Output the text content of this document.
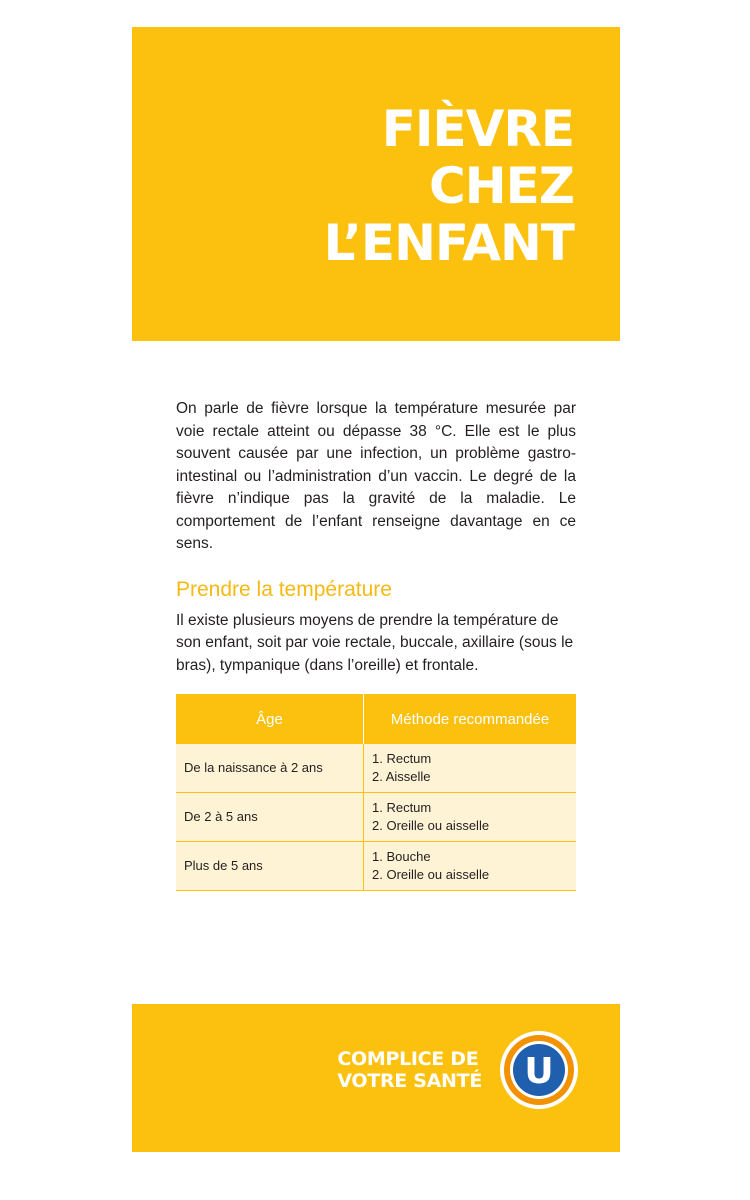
FIÈVRE
CHEZ
L’ENFANT

On parle de fièvre lorsque la température mesurée par voie rectale atteint ou dépasse 38 °C. Elle est le plus souvent causée par une infection, un problème gastro-intestinal ou l’administration d’un vaccin. Le degré de la fièvre n’indique pas la gravité de la maladie. Le comportement de l’enfant renseigne davantage en ce sens.

Prendre la température

Il existe plusieurs moyens de prendre la température de son enfant, soit par voie rectale, buccale, axillaire (sous le bras), tympanique (dans l’oreille) et frontale.

Âge	Méthode recommandée
De la naissance à 2 ans	1. Rectum
2. Aisselle

De 2 à 5 ans	1. Rectum
2. Oreille ou aisselle

Plus de 5 ans	1. Bouche
2. Oreille ou aisselle

COMPLICE DE
VOTRE SANTÉ U
